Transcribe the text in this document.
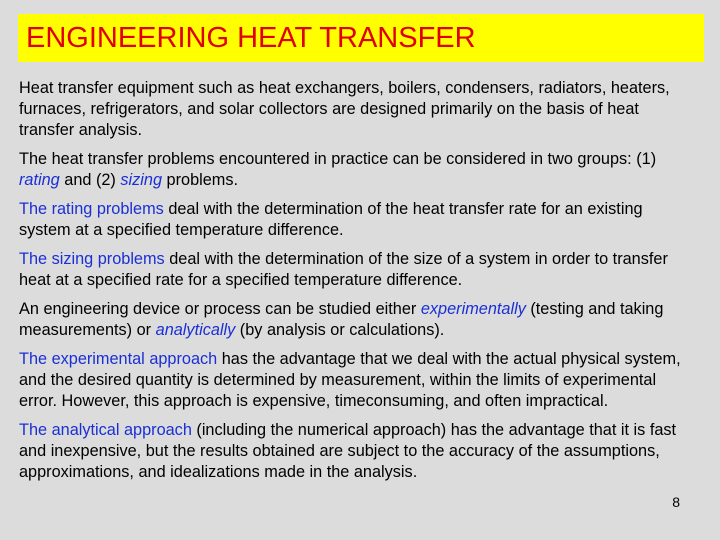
ENGINEERING HEAT TRANSFER

Heat transfer equipment such as heat exchangers, boilers, condensers, radiators, heaters, furnaces, refrigerators, and solar collectors are designed primarily on the basis of heat transfer analysis.

The heat transfer problems encountered in practice can be considered in two groups: (1) rating and (2) sizing problems.

The rating problems deal with the determination of the heat transfer rate for an existing system at a specified temperature difference.

The sizing problems deal with the determination of the size of a system in order to transfer heat at a specified rate for a specified temperature difference.

An engineering device or process can be studied either experimentally (testing and taking measurements) or analytically (by analysis or calculations).

The experimental approach has the advantage that we deal with the actual physical system, and the desired quantity is determined by measurement, within the limits of experimental error. However, this approach is expensive, timeconsuming, and often impractical.

The analytical approach (including the numerical approach) has the advantage that it is fast and inexpensive, but the results obtained are subject to the accuracy of the assumptions, approximations, and idealizations made in the analysis.

8
